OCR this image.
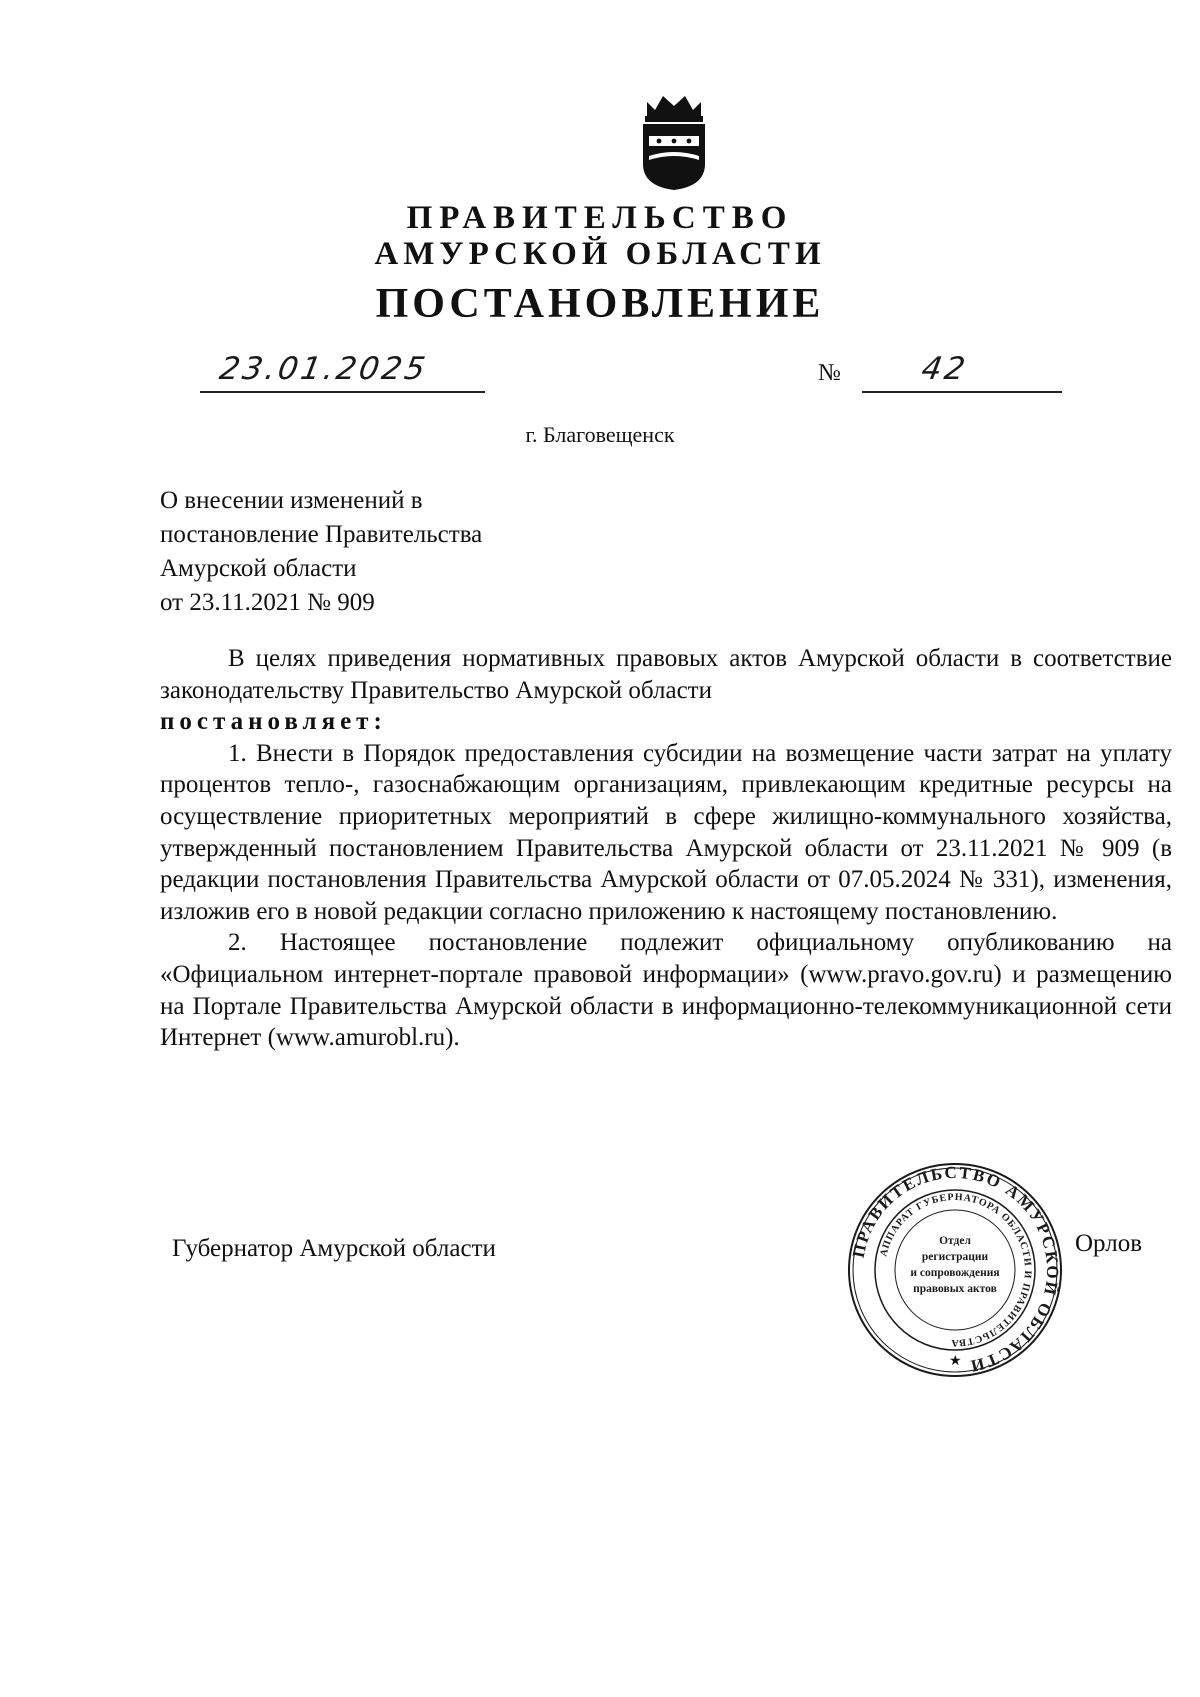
ПРАВИТЕЛЬСТВО
АМУРСКОЙ ОБЛАСТИ
ПОСТАНОВЛЕНИЕ
23.01.2025	№	42
г. Благовещенск
О внесении изменений в
постановление Правительства
Амурской области
от 23.11.2021 № 909

В целях приведения нормативных правовых актов Амурской области в соответствие законодательству Правительство Амурской области

постановляет:

1. Внести в Порядок предоставления субсидии на возмещение части затрат на уплату процентов тепло-, газоснабжающим организациям, привлекающим кредитные ресурсы на осуществление приоритетных мероприятий в сфере жилищно-коммунального хозяйства, утвержденный постановлением Правительства Амурской области от 23.11.2021 № 909 (в редакции постановления Правительства Амурской области от 07.05.2024 № 331), изменения, изложив его в новой редакции согласно приложению к настоящему постановлению.

2. Настоящее постановление подлежит официальному опубликованию на «Официальном интернет-портале правовой информации» (www.pravo.gov.ru) и размещению на Портале Правительства Амурской области в информационно-телекоммуникационной сети Интернет (www.amurobl.ru).

Губернатор Амурской области	ПРАВИТЕЛЬСТВО АМУРСКОЙ ОБЛАСТИ
АППАРАТ ГУБЕРНАТОРА ОБЛАСТИ И ПРАВИТЕЛЬСТВА
Отдел
регистрации
и сопровождения
правовых актов
★
Орлов
